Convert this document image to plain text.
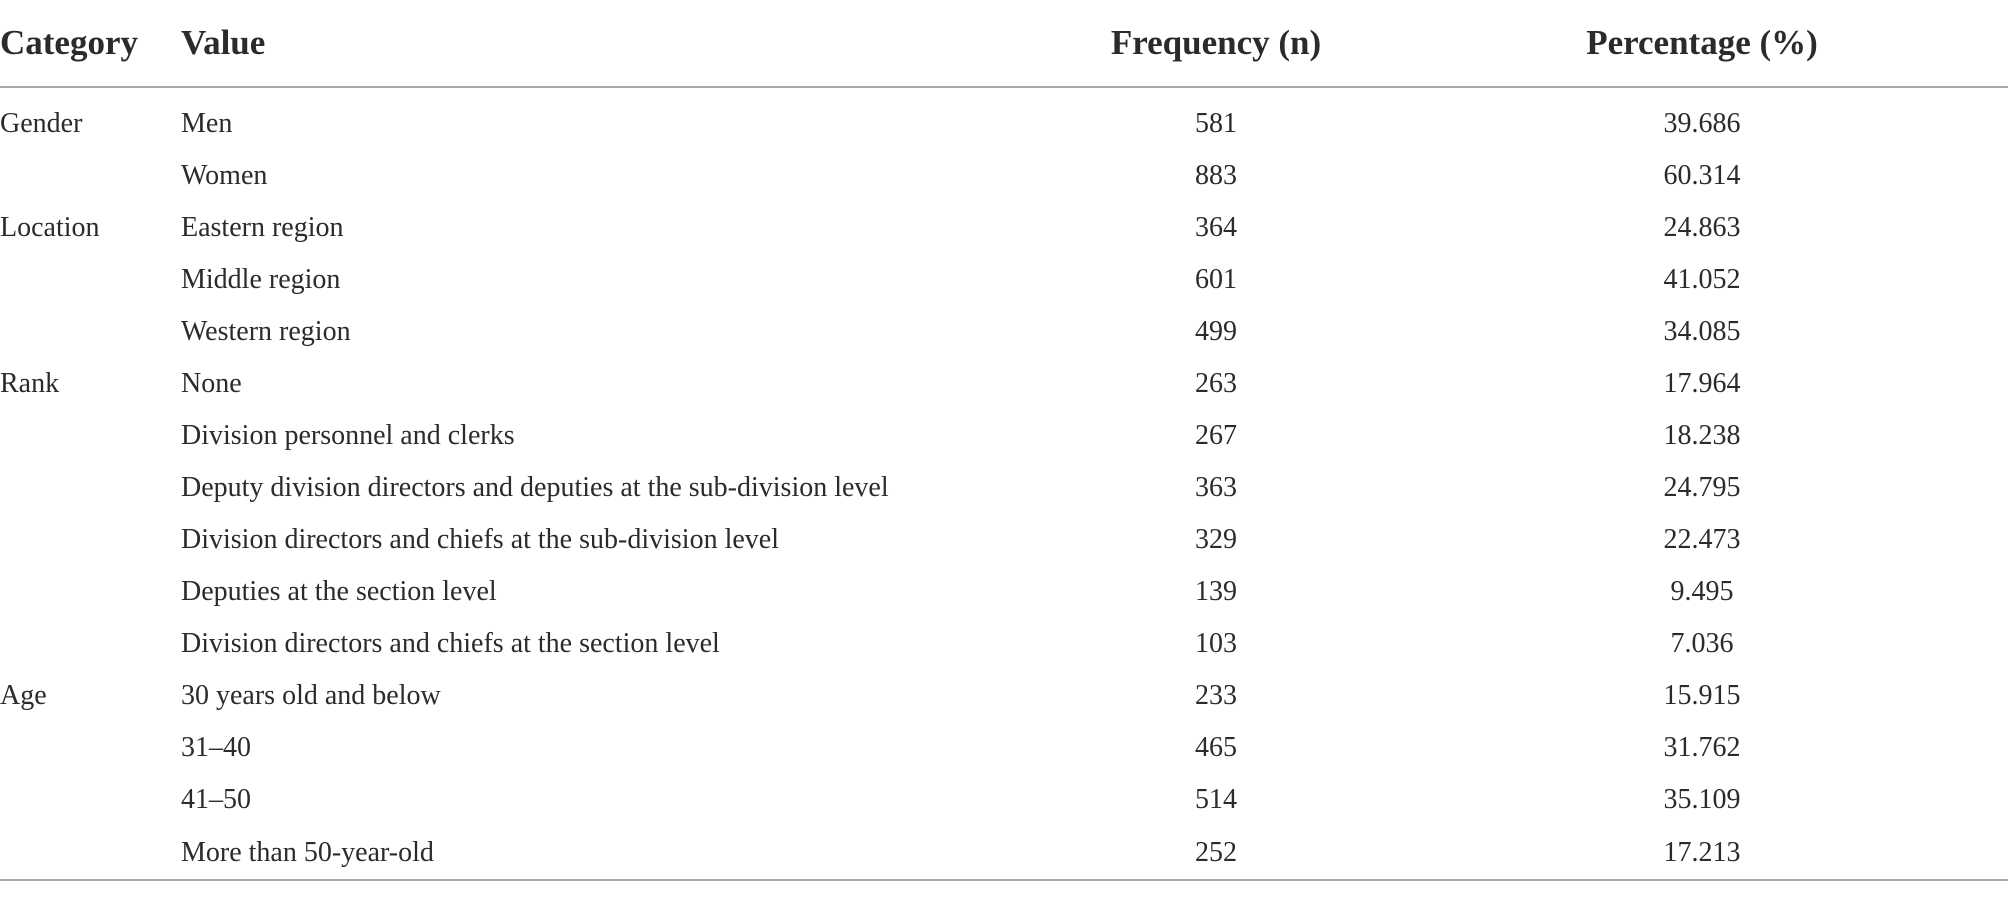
Category	Value	Frequency (n)	Percentage (%)

Gender	Men	581	39.686
	Women	883	60.314
Location	Eastern region	364	24.863
	Middle region	601	41.052
	Western region	499	34.085
Rank	None	263	17.964
	Division personnel and clerks	267	18.238
	Deputy division directors and deputies at the sub-division level	363	24.795
	Division directors and chiefs at the sub-division level	329	22.473
	Deputies at the section level	139	9.495
	Division directors and chiefs at the section level	103	7.036
Age	30 years old and below	233	15.915
	31–40	465	31.762
	41–50	514	35.109
	More than 50-year-old	252	17.213
